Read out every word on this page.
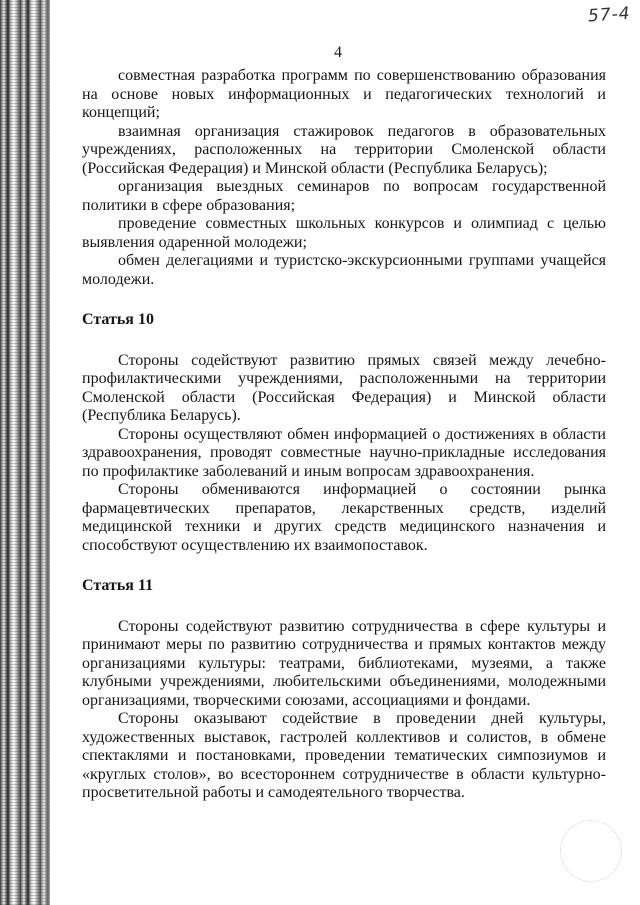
57-4
4

совместная разработка программ по совершенствованию образования на основе новых информационных и педагогических технологий и концепций;

взаимная организация стажировок педагогов в образовательных учреждениях, расположенных на территории Смоленской области (Российская Федерация) и Минской области (Республика Беларусь);

организация выездных семинаров по вопросам государственной политики в сфере образования;

проведение совместных школьных конкурсов и олимпиад с целью выявления одаренной молодежи;

обмен делегациями и туристско-экскурсионными группами учащейся молодежи.

Статья 10

Стороны содействуют развитию прямых связей между лечебно-профилактическими учреждениями, расположенными на территории Смоленской области (Российская Федерация) и Минской области (Республика Беларусь).

Стороны осуществляют обмен информацией о достижениях в области здравоохранения, проводят совместные научно-прикладные исследования по профилактике заболеваний и иным вопросам здравоохранения.

Стороны обмениваются информацией о состоянии рынка фармацевтических препаратов, лекарственных средств, изделий медицинской техники и других средств медицинского назначения и способствуют осуществлению их взаимопоставок.

Статья 11

Стороны содействуют развитию сотрудничества в сфере культуры и принимают меры по развитию сотрудничества и прямых контактов между организациями культуры: театрами, библиотеками, музеями, а также клубными учреждениями, любительскими объединениями, молодежными организациями, творческими союзами, ассоциациями и фондами.

Стороны оказывают содействие в проведении дней культуры, художественных выставок, гастролей коллективов и солистов, в обмене спектаклями и постановками, проведении тематических симпозиумов и «круглых столов», во всестороннем сотрудничестве в области культурно-просветительной работы и самодеятельного творчества.
